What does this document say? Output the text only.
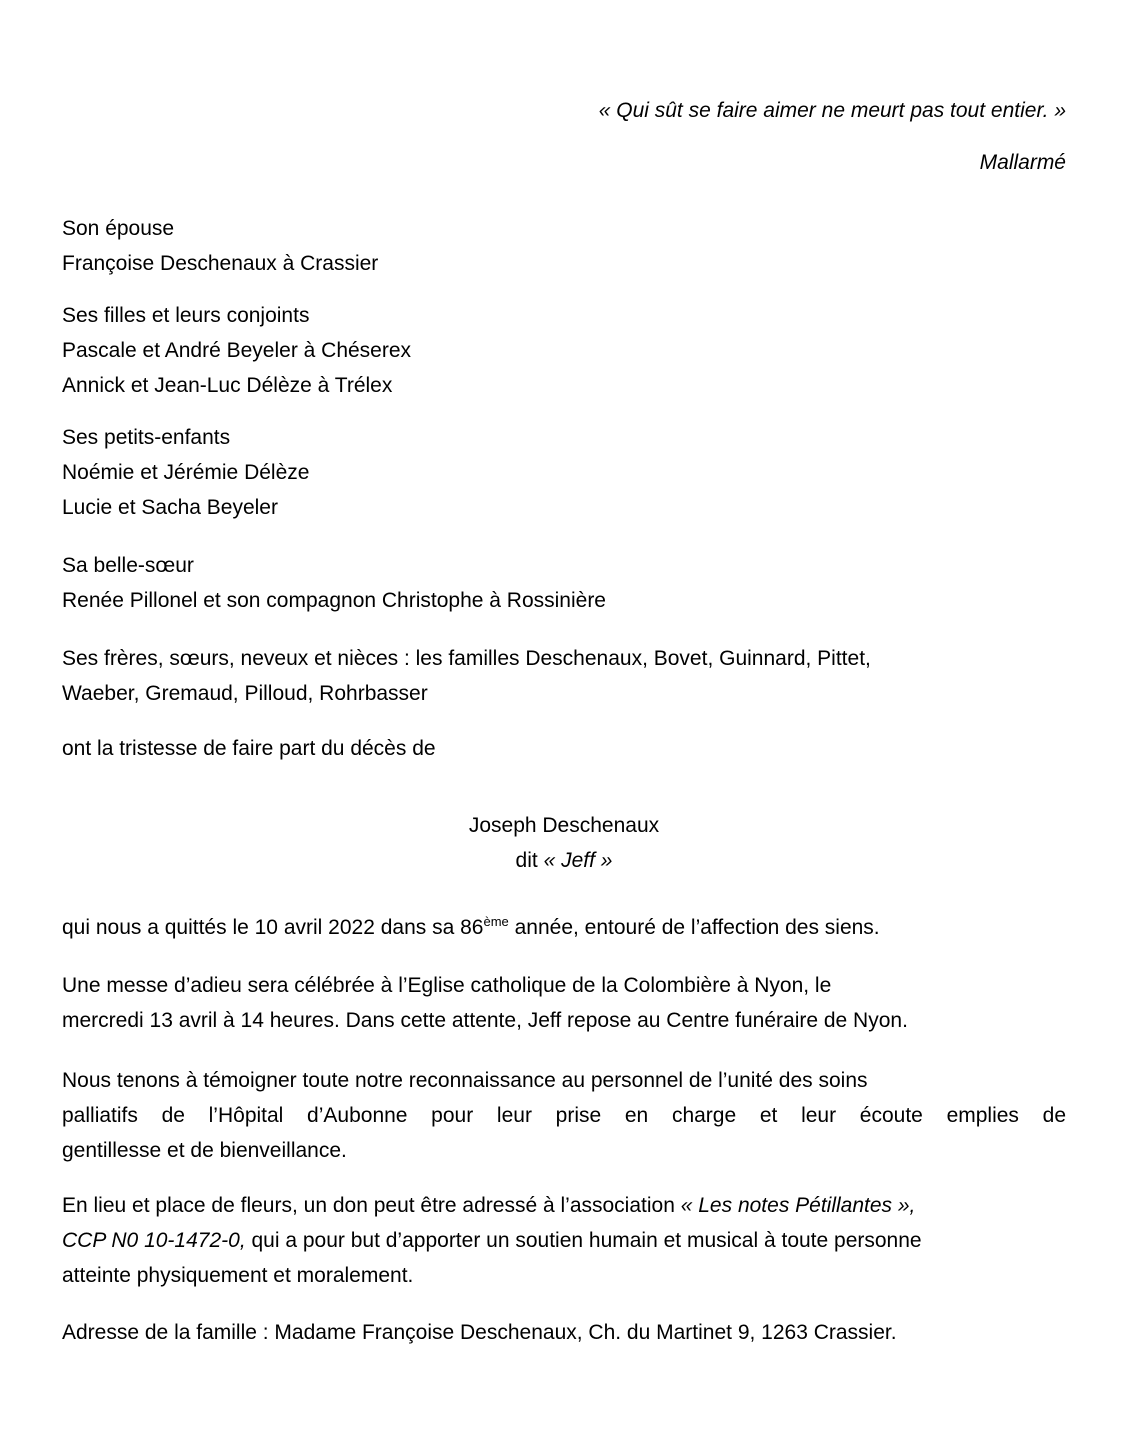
« Qui sût se faire aimer ne meurt pas tout entier. »
Mallarmé
Son épouse
Françoise Deschenaux à Crassier
Ses filles et leurs conjoints
Pascale et André Beyeler à Chéserex
Annick et Jean-Luc Délèze à Trélex
Ses petits-enfants
Noémie et Jérémie Délèze
Lucie et Sacha Beyeler
Sa belle-sœur
Renée Pillonel et son compagnon Christophe à Rossinière
Ses frères, sœurs, neveux et nièces : les familles Deschenaux, Bovet, Guinnard, Pittet,
Waeber, Gremaud, Pilloud, Rohrbasser
ont la tristesse de faire part du décès de
Joseph Deschenaux
dit « Jeff »
qui nous a quittés le 10 avril 2022 dans sa 86ème année, entouré de l’affection des siens.
Une messe d’adieu sera célébrée à l’Eglise catholique de la Colombière à Nyon, le
mercredi 13 avril à 14 heures. Dans cette attente, Jeff repose au Centre funéraire de Nyon.
Nous tenons à témoigner toute notre reconnaissance au personnel de l’unité des soins
palliatifs de l’Hôpital d’Aubonne pour leur prise en charge et leur écoute emplies de
gentillesse et de bienveillance.
En lieu et place de fleurs, un don peut être adressé à l’association « Les notes Pétillantes »,
CCP N0 10-1472-0, qui a pour but d’apporter un soutien humain et musical à toute personne
atteinte physiquement et moralement.
Adresse de la famille : Madame Françoise Deschenaux, Ch. du Martinet 9, 1263 Crassier.
